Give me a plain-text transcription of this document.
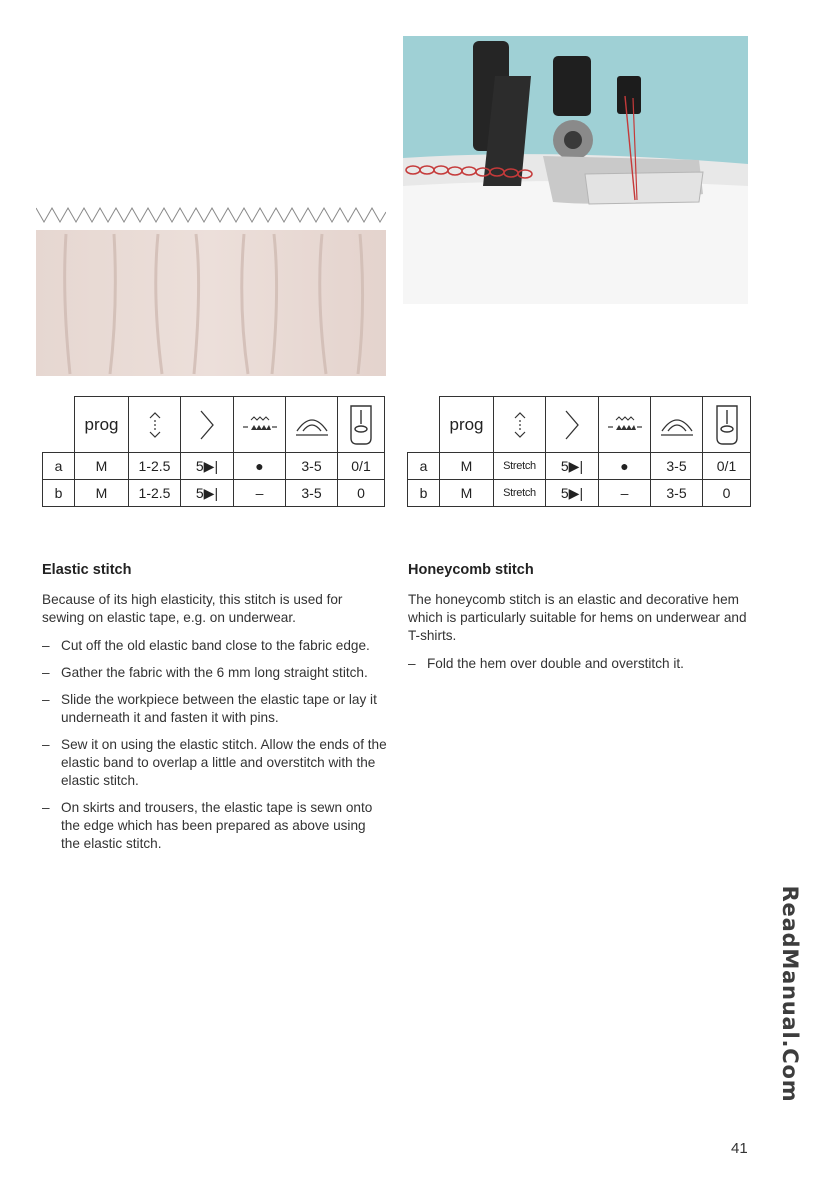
	prog	

a	M	1-2.5	5▶|	●	3-5	0/1
b	M	1-2.5	5▶|	–	3-5	0
	prog	

a	M	Stretch	5▶|	●	3-5	0/1
b	M	Stretch	5▶|	–	3-5	0
Elastic stitch

Because of its high elasticity, this stitch is used for sewing on elastic tape, e.g. on underwear.

– Cut off the old elastic band close to the fabric edge.
– Gather the fabric with the 6 mm long straight stitch.
– Slide the workpiece between the elastic tape or lay it underneath it and fasten it with pins.
– Sew it on using the elastic stitch. Allow the ends of the elastic band to overlap a little and overstitch with the elastic stitch.
– On skirts and trousers, the elastic tape is sewn onto the edge which has been prepared as above using the elastic stitch.
Honeycomb stitch

The honeycomb stitch is an elastic and decorative hem which is particularly suitable for hems on underwear and T-shirts.

– Fold the hem over double and overstitch it.
ReadManual.Com
41
